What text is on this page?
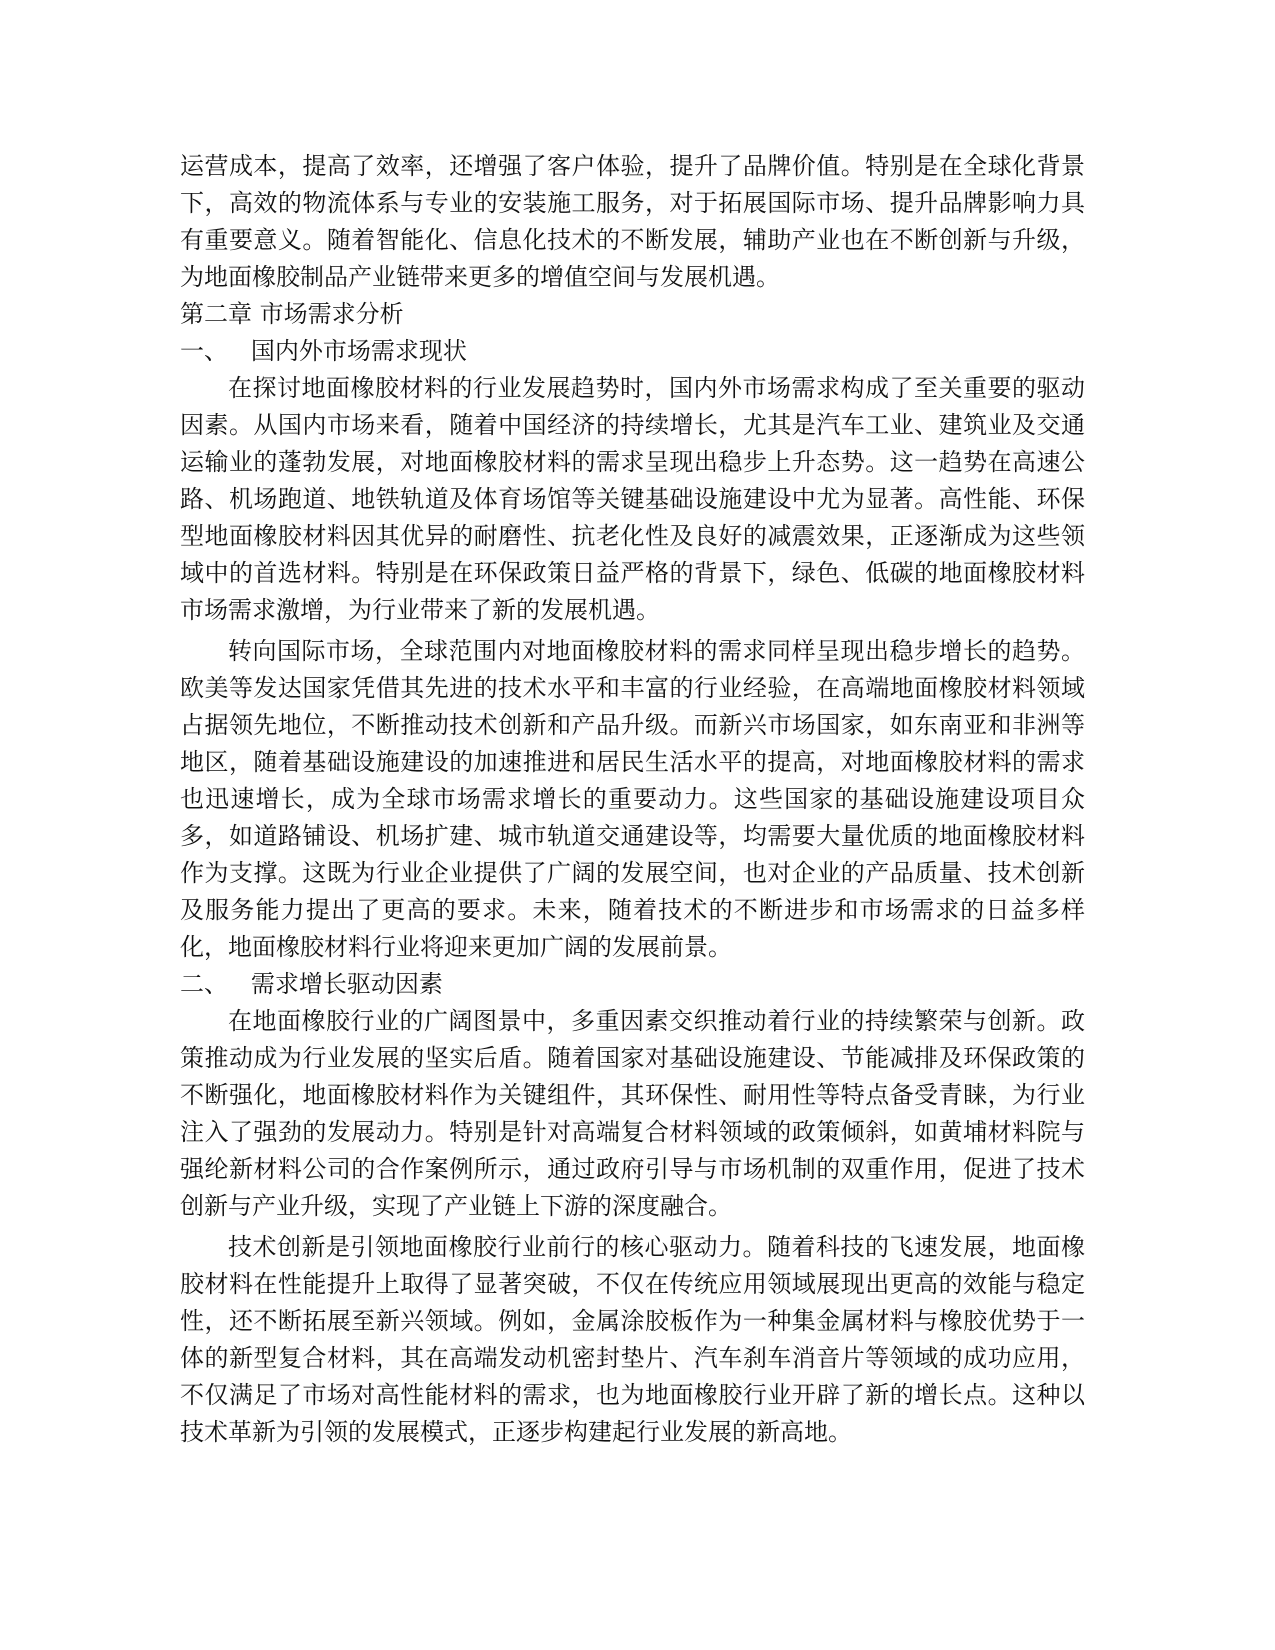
运营成本，提高了效率，还增强了客户体验，提升了品牌价值。特别是在全球化背景下，高效的物流体系与专业的安装施工服务，对于拓展国际市场、提升品牌影响力具有重要意义。随着智能化、信息化技术的不断发展，辅助产业也在不断创新与升级，为地面橡胶制品产业链带来更多的增值空间与发展机遇。

第二章 市场需求分析

一、 国内外市场需求现状

在探讨地面橡胶材料的行业发展趋势时，国内外市场需求构成了至关重要的驱动因素。从国内市场来看，随着中国经济的持续增长，尤其是汽车工业、建筑业及交通运输业的蓬勃发展，对地面橡胶材料的需求呈现出稳步上升态势。这一趋势在高速公路、机场跑道、地铁轨道及体育场馆等关键基础设施建设中尤为显著。高性能、环保型地面橡胶材料因其优异的耐磨性、抗老化性及良好的减震效果，正逐渐成为这些领域中的首选材料。特别是在环保政策日益严格的背景下，绿色、低碳的地面橡胶材料市场需求激增，为行业带来了新的发展机遇。

转向国际市场，全球范围内对地面橡胶材料的需求同样呈现出稳步增长的趋势。欧美等发达国家凭借其先进的技术水平和丰富的行业经验，在高端地面橡胶材料领域占据领先地位，不断推动技术创新和产品升级。而新兴市场国家，如东南亚和非洲等地区，随着基础设施建设的加速推进和居民生活水平的提高，对地面橡胶材料的需求也迅速增长，成为全球市场需求增长的重要动力。这些国家的基础设施建设项目众多，如道路铺设、机场扩建、城市轨道交通建设等，均需要大量优质的地面橡胶材料作为支撑。这既为行业企业提供了广阔的发展空间，也对企业的产品质量、技术创新及服务能力提出了更高的要求。未来，随着技术的不断进步和市场需求的日益多样化，地面橡胶材料行业将迎来更加广阔的发展前景。

二、 需求增长驱动因素

在地面橡胶行业的广阔图景中，多重因素交织推动着行业的持续繁荣与创新。政策推动成为行业发展的坚实后盾。随着国家对基础设施建设、节能减排及环保政策的不断强化，地面橡胶材料作为关键组件，其环保性、耐用性等特点备受青睐，为行业注入了强劲的发展动力。特别是针对高端复合材料领域的政策倾斜，如黄埔材料院与强纶新材料公司的合作案例所示，通过政府引导与市场机制的双重作用，促进了技术创新与产业升级，实现了产业链上下游的深度融合。

技术创新是引领地面橡胶行业前行的核心驱动力。随着科技的飞速发展，地面橡胶材料在性能提升上取得了显著突破，不仅在传统应用领域展现出更高的效能与稳定性，还不断拓展至新兴领域。例如，金属涂胶板作为一种集金属材料与橡胶优势于一体的新型复合材料，其在高端发动机密封垫片、汽车刹车消音片等领域的成功应用，不仅满足了市场对高性能材料的需求，也为地面橡胶行业开辟了新的增长点。这种以技术革新为引领的发展模式，正逐步构建起行业发展的新高地。
